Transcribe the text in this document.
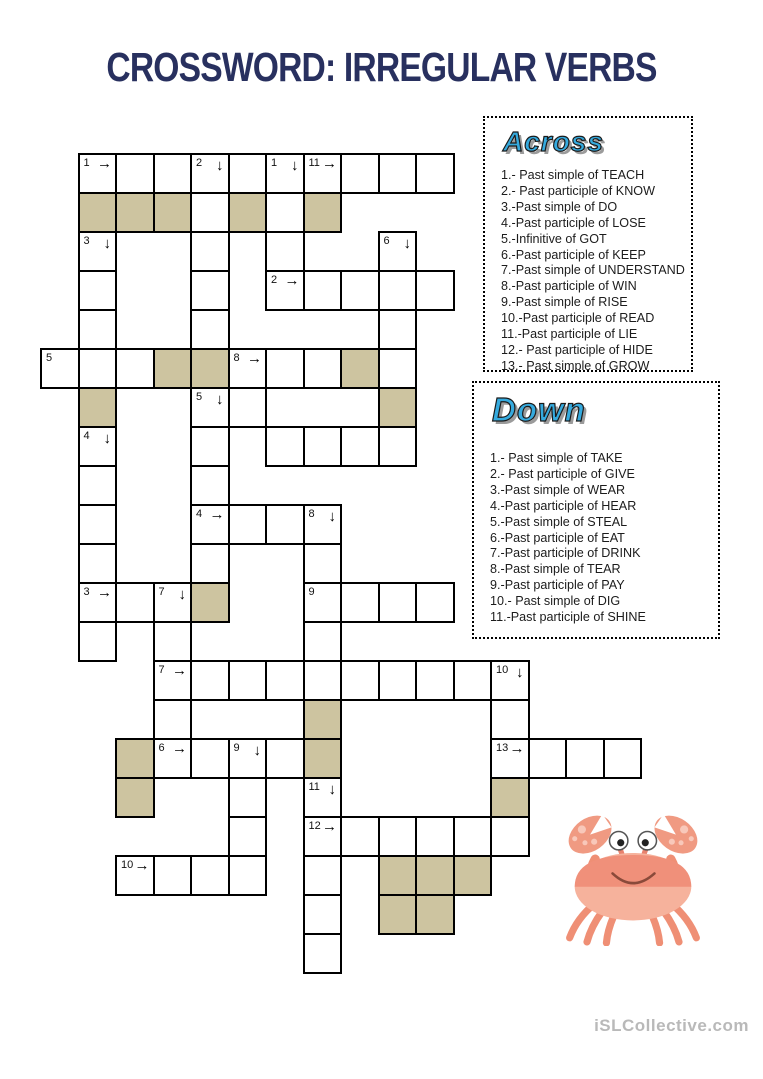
CROSSWORD: IRREGULAR VERBS
1 →	2 ↓	1 ↓ 11 →
3 ↓	6 ↓
2 →
5	8 →
5 ↓
4 ↓
4 →	8 ↓
3 →	7 ↓	9
7 →	10 ↓
6 →	9 ↓	13 →
11 ↓
12 →
10 →
Across
1.- Past simple of TEACH
2.- Past participle of KNOW
3.-Past simple of DO
4.-Past participle of LOSE
5.-Infinitive of GOT
6.-Past participle of KEEP
7.-Past simple of UNDERSTAND
8.-Past participle of WIN
9.-Past simple of RISE
10.-Past participle of READ
11.-Past participle of LIE
12.- Past participle of HIDE
13.- Past simple of GROW
Down
1.- Past simple of TAKE
2.- Past participle of GIVE
3.-Past simple of WEAR
4.-Past participle of HEAR
5.-Past simple of STEAL
6.-Past participle of EAT
7.-Past participle of DRINK
8.-Past simple of TEAR
9.-Past participle of PAY
10.- Past simple of DIG
11.-Past participle of SHINE
iSLCollective.com
